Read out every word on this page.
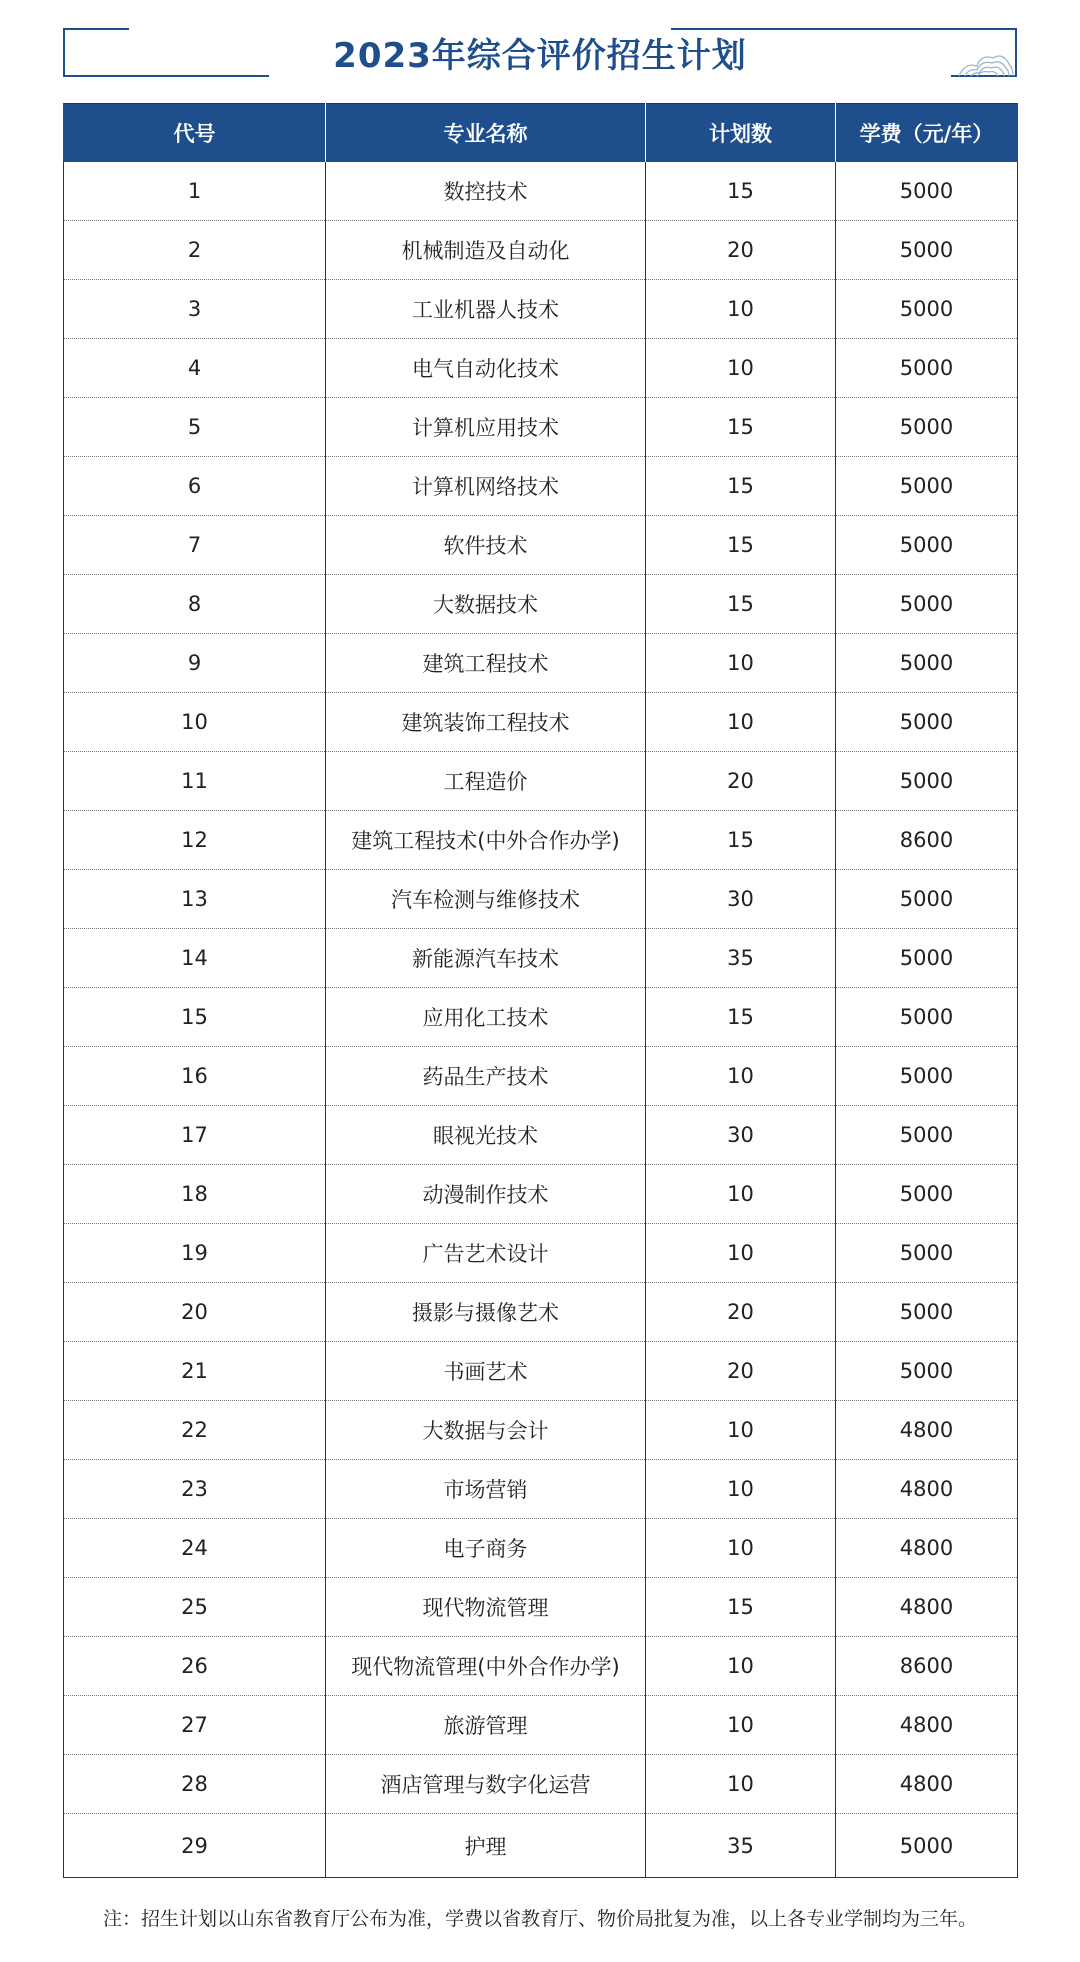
2023年综合评价招生计划
代号	专业名称	计划数	学费（元/年）
1	数控技术	15	5000
2	机械制造及自动化	20	5000
3	工业机器人技术	10	5000
4	电气自动化技术	10	5000
5	计算机应用技术	15	5000
6	计算机网络技术	15	5000
7	软件技术	15	5000
8	大数据技术	15	5000
9	建筑工程技术	10	5000
10	建筑装饰工程技术	10	5000
11	工程造价	20	5000
12	建筑工程技术(中外合作办学)	15	8600
13	汽车检测与维修技术	30	5000
14	新能源汽车技术	35	5000
15	应用化工技术	15	5000
16	药品生产技术	10	5000
17	眼视光技术	30	5000
18	动漫制作技术	10	5000
19	广告艺术设计	10	5000
20	摄影与摄像艺术	20	5000
21	书画艺术	20	5000
22	大数据与会计	10	4800
23	市场营销	10	4800
24	电子商务	10	4800
25	现代物流管理	15	4800
26	现代物流管理(中外合作办学)	10	8600
27	旅游管理	10	4800
28	酒店管理与数字化运营	10	4800
29	护理	35	5000
注：招生计划以山东省教育厅公布为准，学费以省教育厅、物价局批复为准，以上各专业学制均为三年。
